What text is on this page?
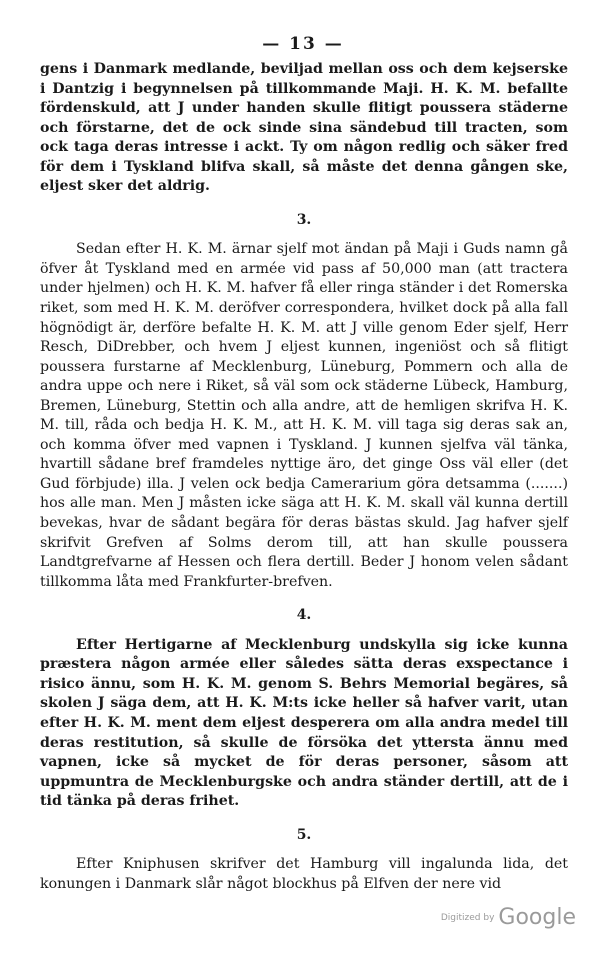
— 13 —

gens i Danmark medlande, beviljad mellan oss och dem kejserske i Dantzig i begynnelsen på tillkommande Maji. H. K. M. befallte fördenskuld, att J under handen skulle flitigt poussera städerne och förstarne, det de ock sinde sina sändebud till tracten, som ock taga deras intresse i ackt. Ty om någon redlig och säker fred för dem i Tyskland blifva skall, så måste det denna gången ske, eljest sker det aldrig.

3.

Sedan efter H. K. M. ärnar sjelf mot ändan på Maji i Guds namn gå öfver åt Tyskland med en armée vid pass af 50,000 man (att tractera under hjelmen) och H. K. M. hafver få eller ringa ständer i det Romerska riket, som med H. K. M. deröfver correspondera, hvilket dock på alla fall högnödigt är, derföre befalte H. K. M. att J ville genom Eder sjelf, Herr Resch, DiDrebber, och hvem J eljest kunnen, ingeniöst och så flitigt poussera furstarne af Mecklenburg, Lüneburg, Pommern och alla de andra uppe och nere i Riket, så väl som ock städerne Lübeck, Hamburg, Bremen, Lüneburg, Stettin och alla andre, att de hemligen skrifva H. K. M. till, råda och bedja H. K. M., att H. K. M. vill taga sig deras sak an, och komma öfver med vapnen i Tyskland. J kunnen sjelfva väl tänka, hvartill sådane bref framdeles nyttige äro, det ginge Oss väl eller (det Gud förbjude) illa. J velen ock bedja Camerarium göra detsamma (.......) hos alle man. Men J måsten icke säga att H. K. M. skall väl kunna dertill bevekas, hvar de sådant begära för deras bästas skuld. Jag hafver sjelf skrifvit Grefven af Solms derom till, att han skulle poussera Landtgrefvarne af Hessen och flera dertill. Beder J honom velen sådant tillkomma låta med Frankfurter-brefven.

4.

Efter Hertigarne af Mecklenburg undskylla sig icke kunna præstera någon armée eller således sätta deras exspectance i risico ännu, som H. K. M. genom S. Behrs Memorial begäres, så skolen J säga dem, att H. K. M:ts icke heller så hafver varit, utan efter H. K. M. ment dem eljest desperera om alla andra medel till deras restitution, så skulle de försöka det yttersta ännu med vapnen, icke så mycket de för deras personer, såsom att uppmuntra de Mecklenburgske och andra ständer dertill, att de i tid tänka på deras frihet.

5.

Efter Kniphusen skrifver det Hamburg vill ingalunda lida, det konungen i Danmark slår något blockhus på Elfven der nere vid

Digitized by Google
